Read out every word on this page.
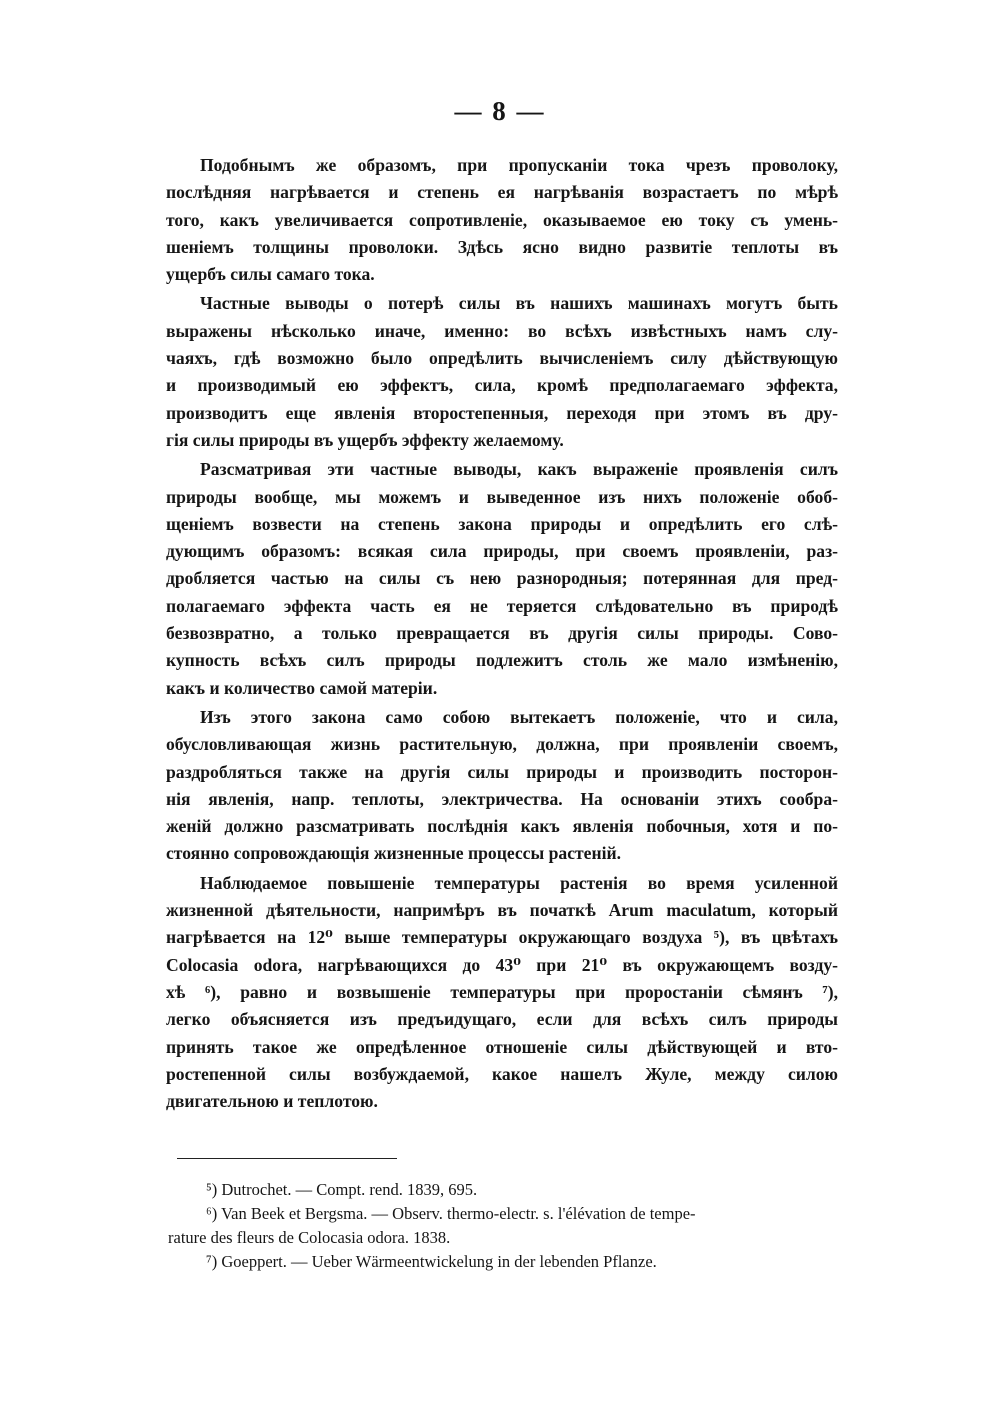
— 8 —
Подобнымъ же образомъ, при пропусканіи тока чрезъ проволоку,
послѣдняя нагрѣвается и степень ея нагрѣванія возрастаетъ по мѣрѣ
того, какъ увеличивается сопротивленіе, оказываемое ею току съ умень-
шеніемъ толщины проволоки. Здѣсь ясно видно развитіе теплоты въ
ущербъ силы самаго тока.
Частные выводы о потерѣ силы въ нашихъ машинахъ могутъ быть
выражены нѣсколько иначе, именно: во всѣхъ извѣстныхъ намъ слу-
чаяхъ, гдѣ возможно было опредѣлить вычисленіемъ силу дѣйствующую
и производимый ею эффектъ, сила, кромѣ предполагаемаго эффекта,
производитъ еще явленія второстепенныя, переходя при этомъ въ дру-
гія силы природы въ ущербъ эффекту желаемому.
Разсматривая эти частные выводы, какъ выраженіе проявленія силъ
природы вообще, мы можемъ и выведенное изъ нихъ положеніе обоб-
щеніемъ возвести на степень закона природы и опредѣлить его слѣ-
дующимъ образомъ: всякая сила природы, при своемъ проявленіи, раз-
дробляется частью на силы съ нею разнородныя; потерянная для пред-
полагаемаго эффекта часть ея не теряется слѣдовательно въ природѣ
безвозвратно, а только превращается въ другія силы природы. Сово-
купность всѣхъ силъ природы подлежитъ столь же мало измѣненію,
какъ и количество самой матеріи.
Изъ этого закона само собою вытекаетъ положеніе, что и сила,
обусловливающая жизнь растительную, должна, при проявленіи своемъ,
раздробляться также на другія силы природы и производить посторон-
нія явленія, напр. теплоты, электричества. На основаніи этихъ сообра-
женій должно разсматривать послѣднія какъ явленія побочныя, хотя и по-
стоянно сопровождающія жизненные процессы растеній.
Наблюдаемое повышеніе температуры растенія во время усиленной
жизненной дѣятельности, напримѣръ въ початкѣ Arum maculatum, который
нагрѣвается на 12⁰ выше температуры окружающаго воздуха ⁵), въ цвѣтахъ
Colocasia odora, нагрѣвающихся до 43⁰ при 21⁰ въ окружающемъ возду-
хѣ ⁶), равно и возвышеніе температуры при проростаніи сѣмянъ ⁷),
легко объясняется изъ предъидущаго, если для всѣхъ силъ природы
принять такое же опредѣленное отношеніе силы дѣйствующей и вто-
ростепенной силы возбуждаемой, какое нашелъ Жуле, между силою
двигательною и теплотою.
⁵) Dutrochet. — Compt. rend. 1839, 695.
⁶) Van Beek et Bergsma. — Observ. thermo-electr. s. l'élévation de tempe-
rature des fleurs de Colocasia odora. 1838.
⁷) Goeppert. — Ueber Wärmeentwickelung in der lebenden Pflanze.
